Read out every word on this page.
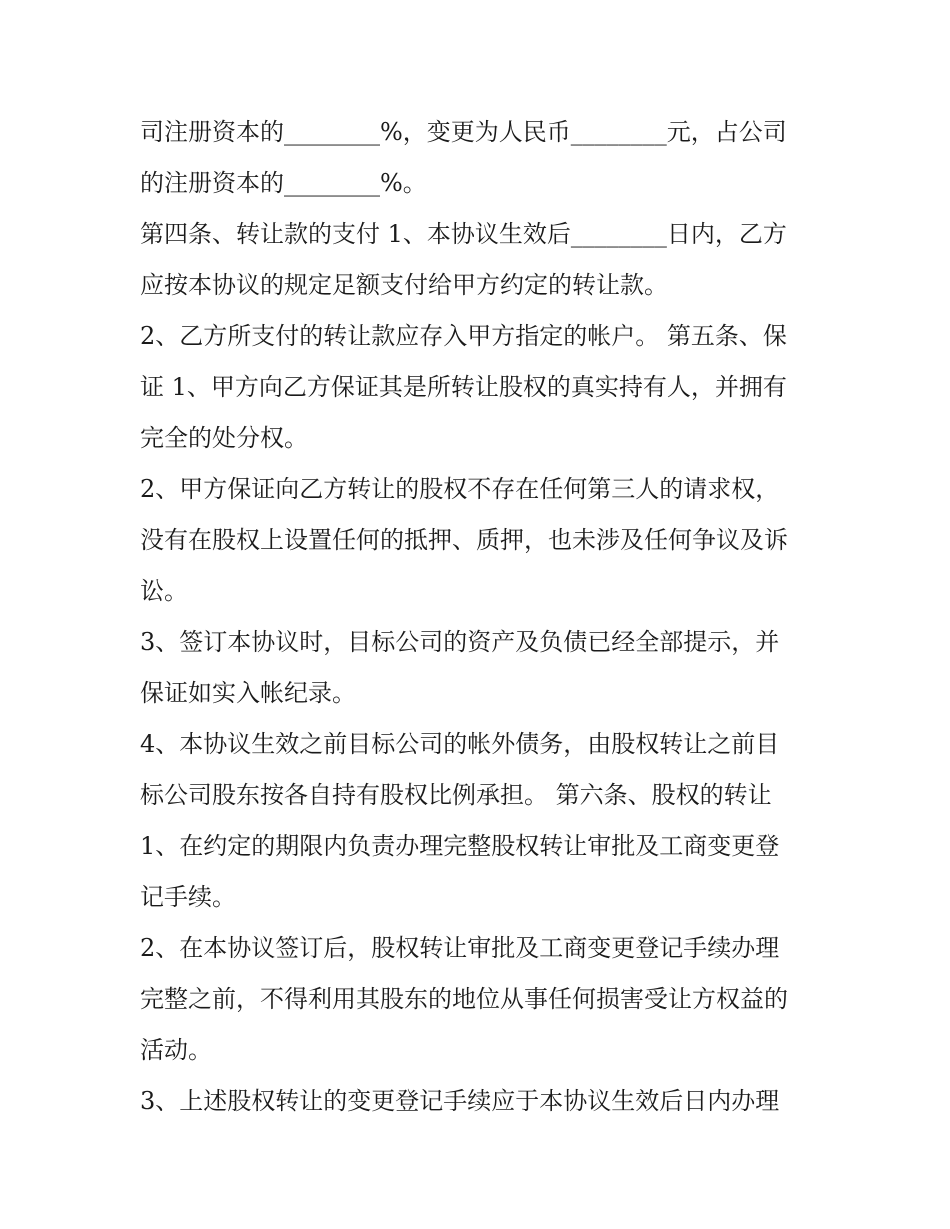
司注册资本的________%，变更为人民币________元，占公司
的注册资本的________%。
第四条、转让款的支付 1、本协议生效后________日内，乙方
应按本协议的规定足额支付给甲方约定的转让款。
2、乙方所支付的转让款应存入甲方指定的帐户。 第五条、保
证 1、甲方向乙方保证其是所转让股权的真实持有人，并拥有
完全的处分权。
2、甲方保证向乙方转让的股权不存在任何第三人的请求权，
没有在股权上设置任何的抵押、质押，也未涉及任何争议及诉
讼。
3、签订本协议时，目标公司的资产及负债已经全部提示，并
保证如实入帐纪录。
4、本协议生效之前目标公司的帐外债务，由股权转让之前目
标公司股东按各自持有股权比例承担。 第六条、股权的转让
1、在约定的期限内负责办理完整股权转让审批及工商变更登
记手续。
2、在本协议签订后，股权转让审批及工商变更登记手续办理
完整之前，不得利用其股东的地位从事任何损害受让方权益的
活动。
3、上述股权转让的变更登记手续应于本协议生效后日内办理
